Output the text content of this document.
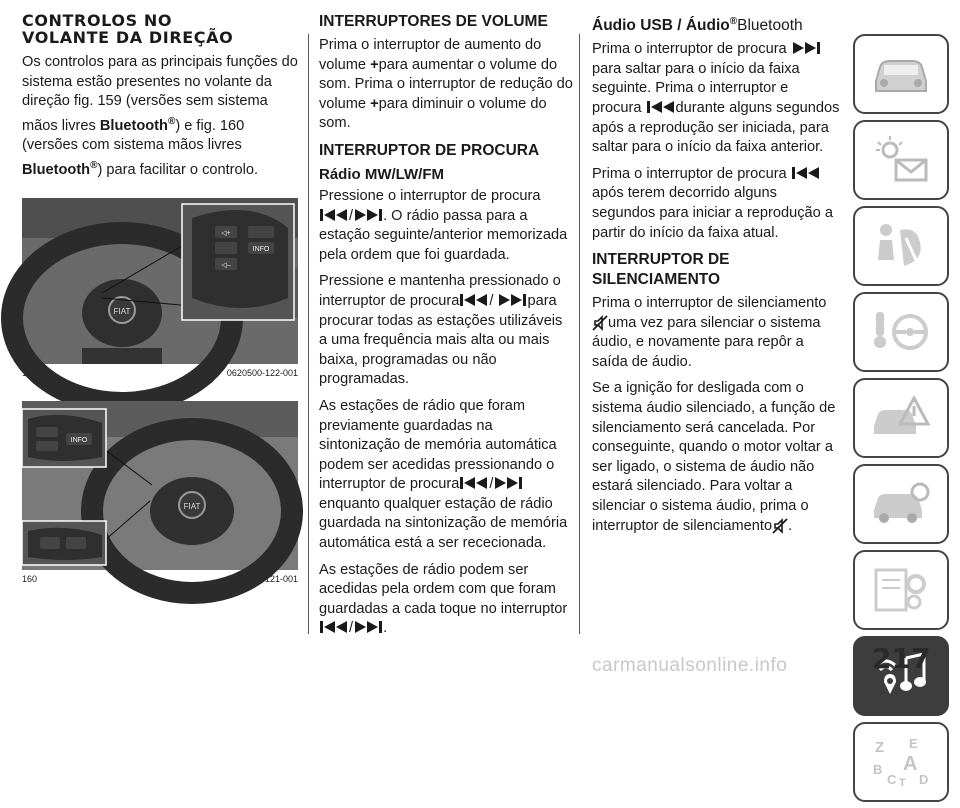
CONTROLOS NO
VOLANTE DA DIREÇÃO

Os controlos para as principais funções do sistema estão presentes no volante da direção fig. 159 (versões sem sistema mãos livres Bluetooth®) e fig. 160 (versões com sistema mãos livres Bluetooth®) para facilitar o controlo.

FIAT
◁+
◁–
INFO
159	0620500-122-001
FIAT
INFO
160	0620500-121-001
INTERRUPTORES DE VOLUME

Prima o interruptor de aumento do volume +para aumentar o volume do som. Prima o interruptor de redução do volume +para diminuir o volume do som.

INTERRUPTOR DE PROCURA
Rádio MW/LW/FM

Pressione o interruptor de procura
/ . O rádio passa para a estação seguinte/anterior memorizada pela ordem que foi guardada.

Pressione e mantenha pressionado o interruptor de procura / para procurar todas as estações utilizáveis a uma frequência mais alta ou mais baixa, programadas ou não programadas.

As estações de rádio que foram previamente guardadas na sintonização de memória automática podem ser acedidas pressionando o interruptor de procura /
enquanto qualquer estação de rádio guardada na sintonização de memória automática está a ser rececionada.

As estações de rádio podem ser acedidas pela ordem com que foram guardadas a cada toque no interruptor
/ .

Áudio USB / Áudio®Bluetooth

Prima o interruptor de procura
para saltar para o início da faixa seguinte. Prima o interruptor e procura durante alguns segundos após a reprodução ser iniciada, para saltar para o início da faixa anterior.

Prima o interruptor de procura
após terem decorrido alguns segundos para iniciar a reprodução a partir do início da faixa atual.

INTERRUPTOR DE SILENCIAMENTO

Prima o interruptor de silenciamento
uma vez para silenciar o sistema áudio, e novamente para repôr a saída de áudio.

Se a ignição for desligada com o sistema áudio silenciado, a função de silenciamento será cancelada. Por conseguinte, quando o motor voltar a ser ligado, o sistema de áudio não estará silenciado. Para voltar a silenciar o sistema áudio, prima o interruptor de silenciamento .

Z E
B A
C T D
217
carmanualsonline.info
